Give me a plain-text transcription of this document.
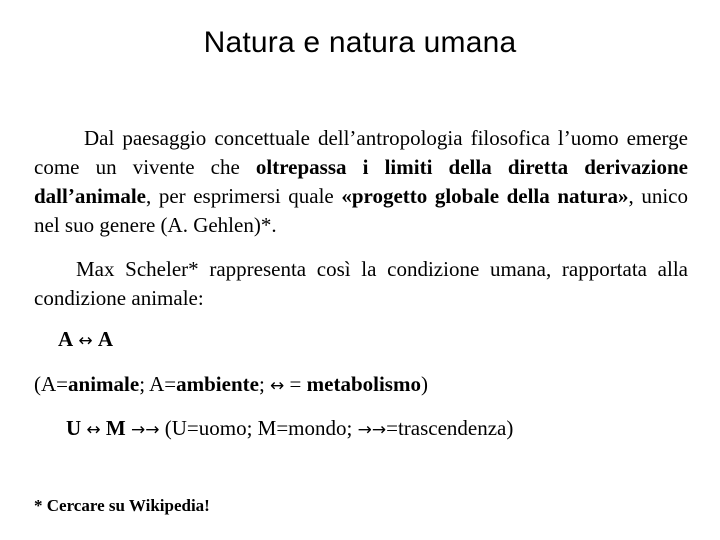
Natura e natura umana
Dal paesaggio concettuale dell’antropologia filosofica l’uomo emerge come un vivente che oltrepassa i limiti della diretta derivazione dall’animale, per esprimersi quale «progetto globale della natura», unico nel suo genere (A. Gehlen)*.
Max Scheler* rappresenta così la condizione umana, rapportata alla condizione animale:
A ↔ A
(A=animale; A=ambiente; ↔ = metabolismo)
U ↔ M →→ (U=uomo; M=mondo; →→=trascendenza)
* Cercare su Wikipedia!
